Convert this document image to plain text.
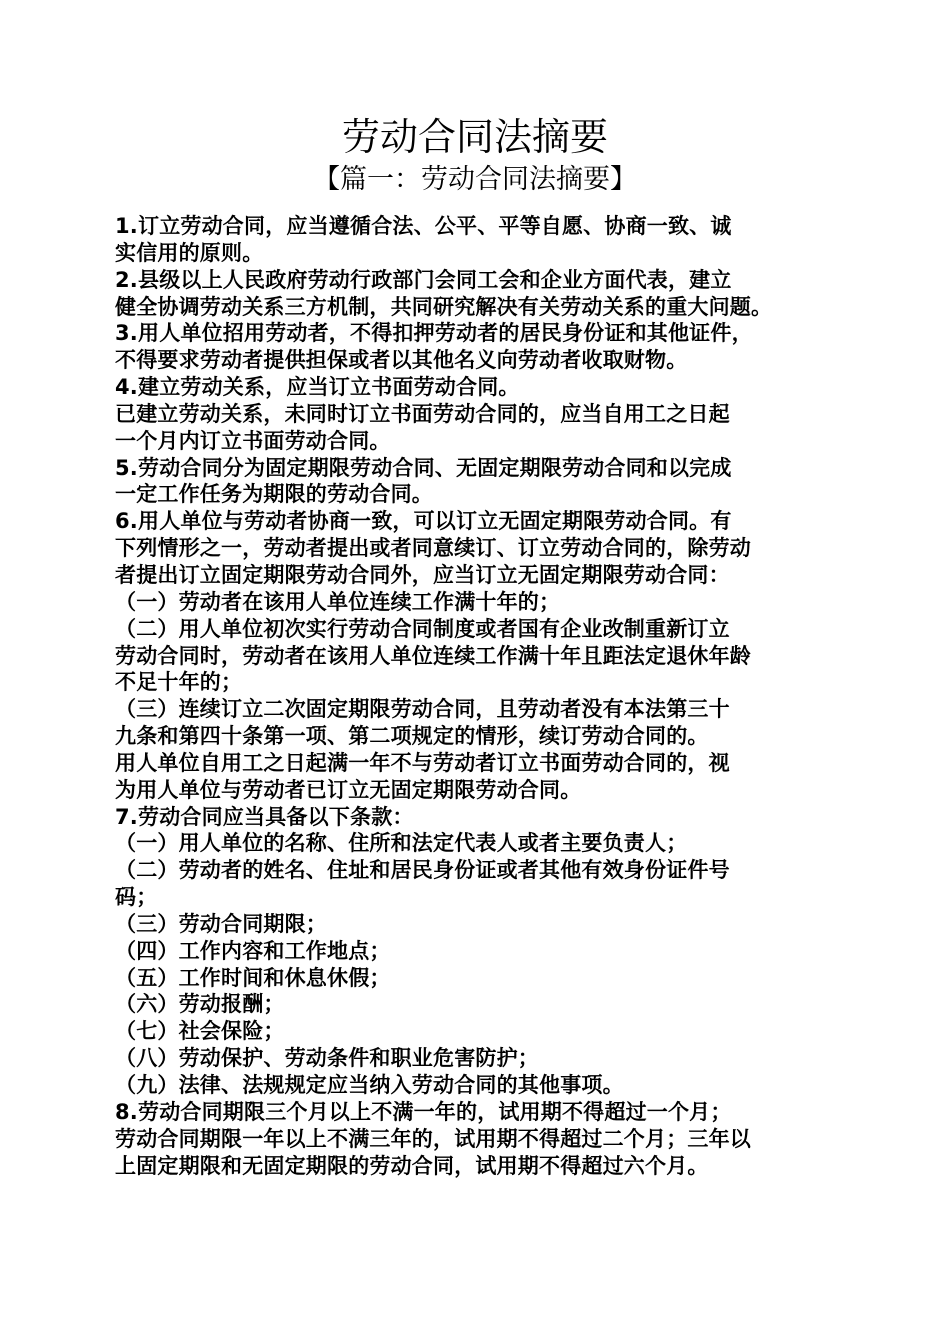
劳动合同法摘要
【篇一：劳动合同法摘要】
1.订立劳动合同，应当遵循合法、公平、平等自愿、协商一致、诚
实信用的原则。
2.县级以上人民政府劳动行政部门会同工会和企业方面代表，建立
健全协调劳动关系三方机制，共同研究解决有关劳动关系的重大问题。
3.用人单位招用劳动者，不得扣押劳动者的居民身份证和其他证件，
不得要求劳动者提供担保或者以其他名义向劳动者收取财物。
4.建立劳动关系，应当订立书面劳动合同。
已建立劳动关系，未同时订立书面劳动合同的，应当自用工之日起
一个月内订立书面劳动合同。
5.劳动合同分为固定期限劳动合同、无固定期限劳动合同和以完成
一定工作任务为期限的劳动合同。
6.用人单位与劳动者协商一致，可以订立无固定期限劳动合同。有
下列情形之一，劳动者提出或者同意续订、订立劳动合同的，除劳动
者提出订立固定期限劳动合同外，应当订立无固定期限劳动合同：
（一）劳动者在该用人单位连续工作满十年的；
（二）用人单位初次实行劳动合同制度或者国有企业改制重新订立
劳动合同时，劳动者在该用人单位连续工作满十年且距法定退休年龄
不足十年的；
（三）连续订立二次固定期限劳动合同，且劳动者没有本法第三十
九条和第四十条第一项、第二项规定的情形，续订劳动合同的。
用人单位自用工之日起满一年不与劳动者订立书面劳动合同的，视
为用人单位与劳动者已订立无固定期限劳动合同。
7.劳动合同应当具备以下条款：
（一）用人单位的名称、住所和法定代表人或者主要负责人；
（二）劳动者的姓名、住址和居民身份证或者其他有效身份证件号
码；
（三）劳动合同期限；
（四）工作内容和工作地点；
（五）工作时间和休息休假；
（六）劳动报酬；
（七）社会保险；
（八）劳动保护、劳动条件和职业危害防护；
（九）法律、法规规定应当纳入劳动合同的其他事项。
8.劳动合同期限三个月以上不满一年的，试用期不得超过一个月；
劳动合同期限一年以上不满三年的，试用期不得超过二个月；三年以
上固定期限和无固定期限的劳动合同，试用期不得超过六个月。
